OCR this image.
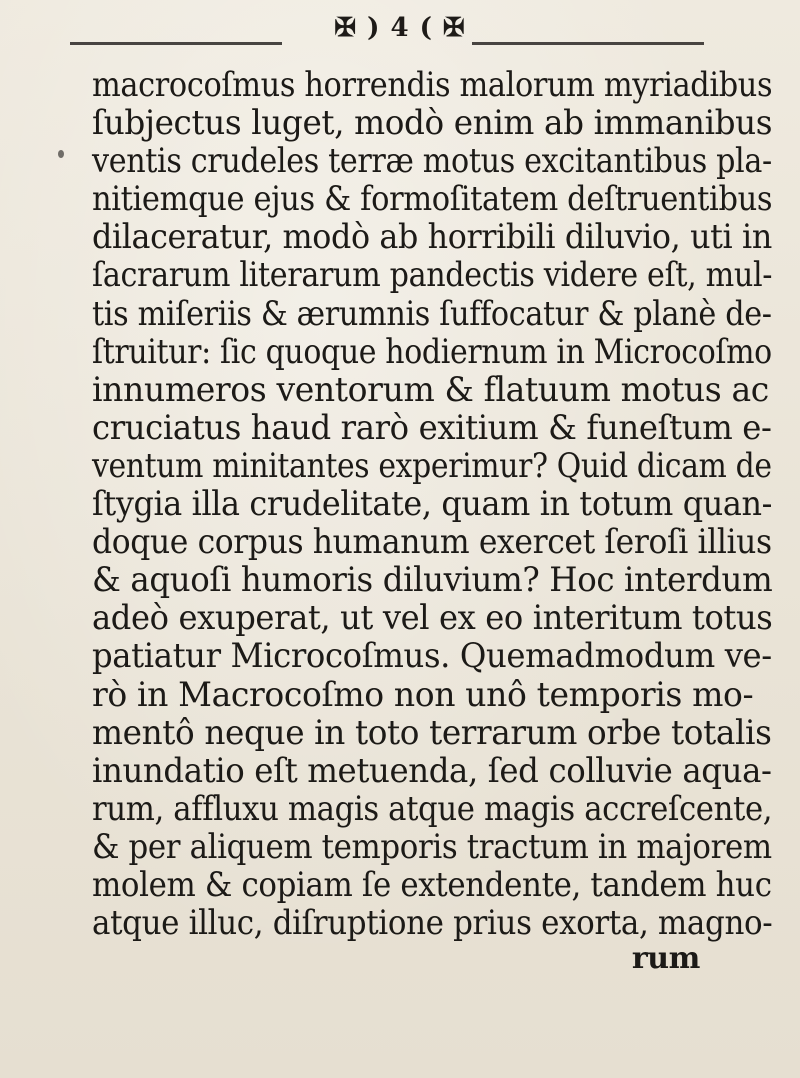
✠ ) 4 ( ✠
macrocoſmus horrendis malorum myriadibus
ſubjectus luget, modò enim ab immanibus
ventis crudeles terræ motus excitantibus pla-
nitiemque ejus & formoſitatem deſtruentibus
dilaceratur, modò ab horribili diluvio, uti in
ſacrarum literarum pandectis videre eſt, mul-
tis miſeriis & ærumnis ſuffocatur & planè de-
ſtruitur: ſic quoque hodiernum in Microcoſmo
innumeros ventorum & flatuum motus ac
cruciatus haud rarò exitium & funeſtum e-
ventum minitantes experimur? Quid dicam de
ſtygia illa crudelitate, quam in totum quan-
doque corpus humanum exercet ſeroſi illius
& aquoſi humoris diluvium? Hoc interdum
adeò exuperat, ut vel ex eo interitum totus
patiatur Microcoſmus. Quemadmodum ve-
rò in Macrocoſmo non unô temporis mo-
mentô neque in toto terrarum orbe totalis
inundatio eſt metuenda, ſed colluvie aqua-
rum, affluxu magis atque magis accreſcente,
& per aliquem temporis tractum in majorem
molem & copiam ſe extendente, tandem huc
atque illuc, diſruptione prius exorta, magno-
rum
